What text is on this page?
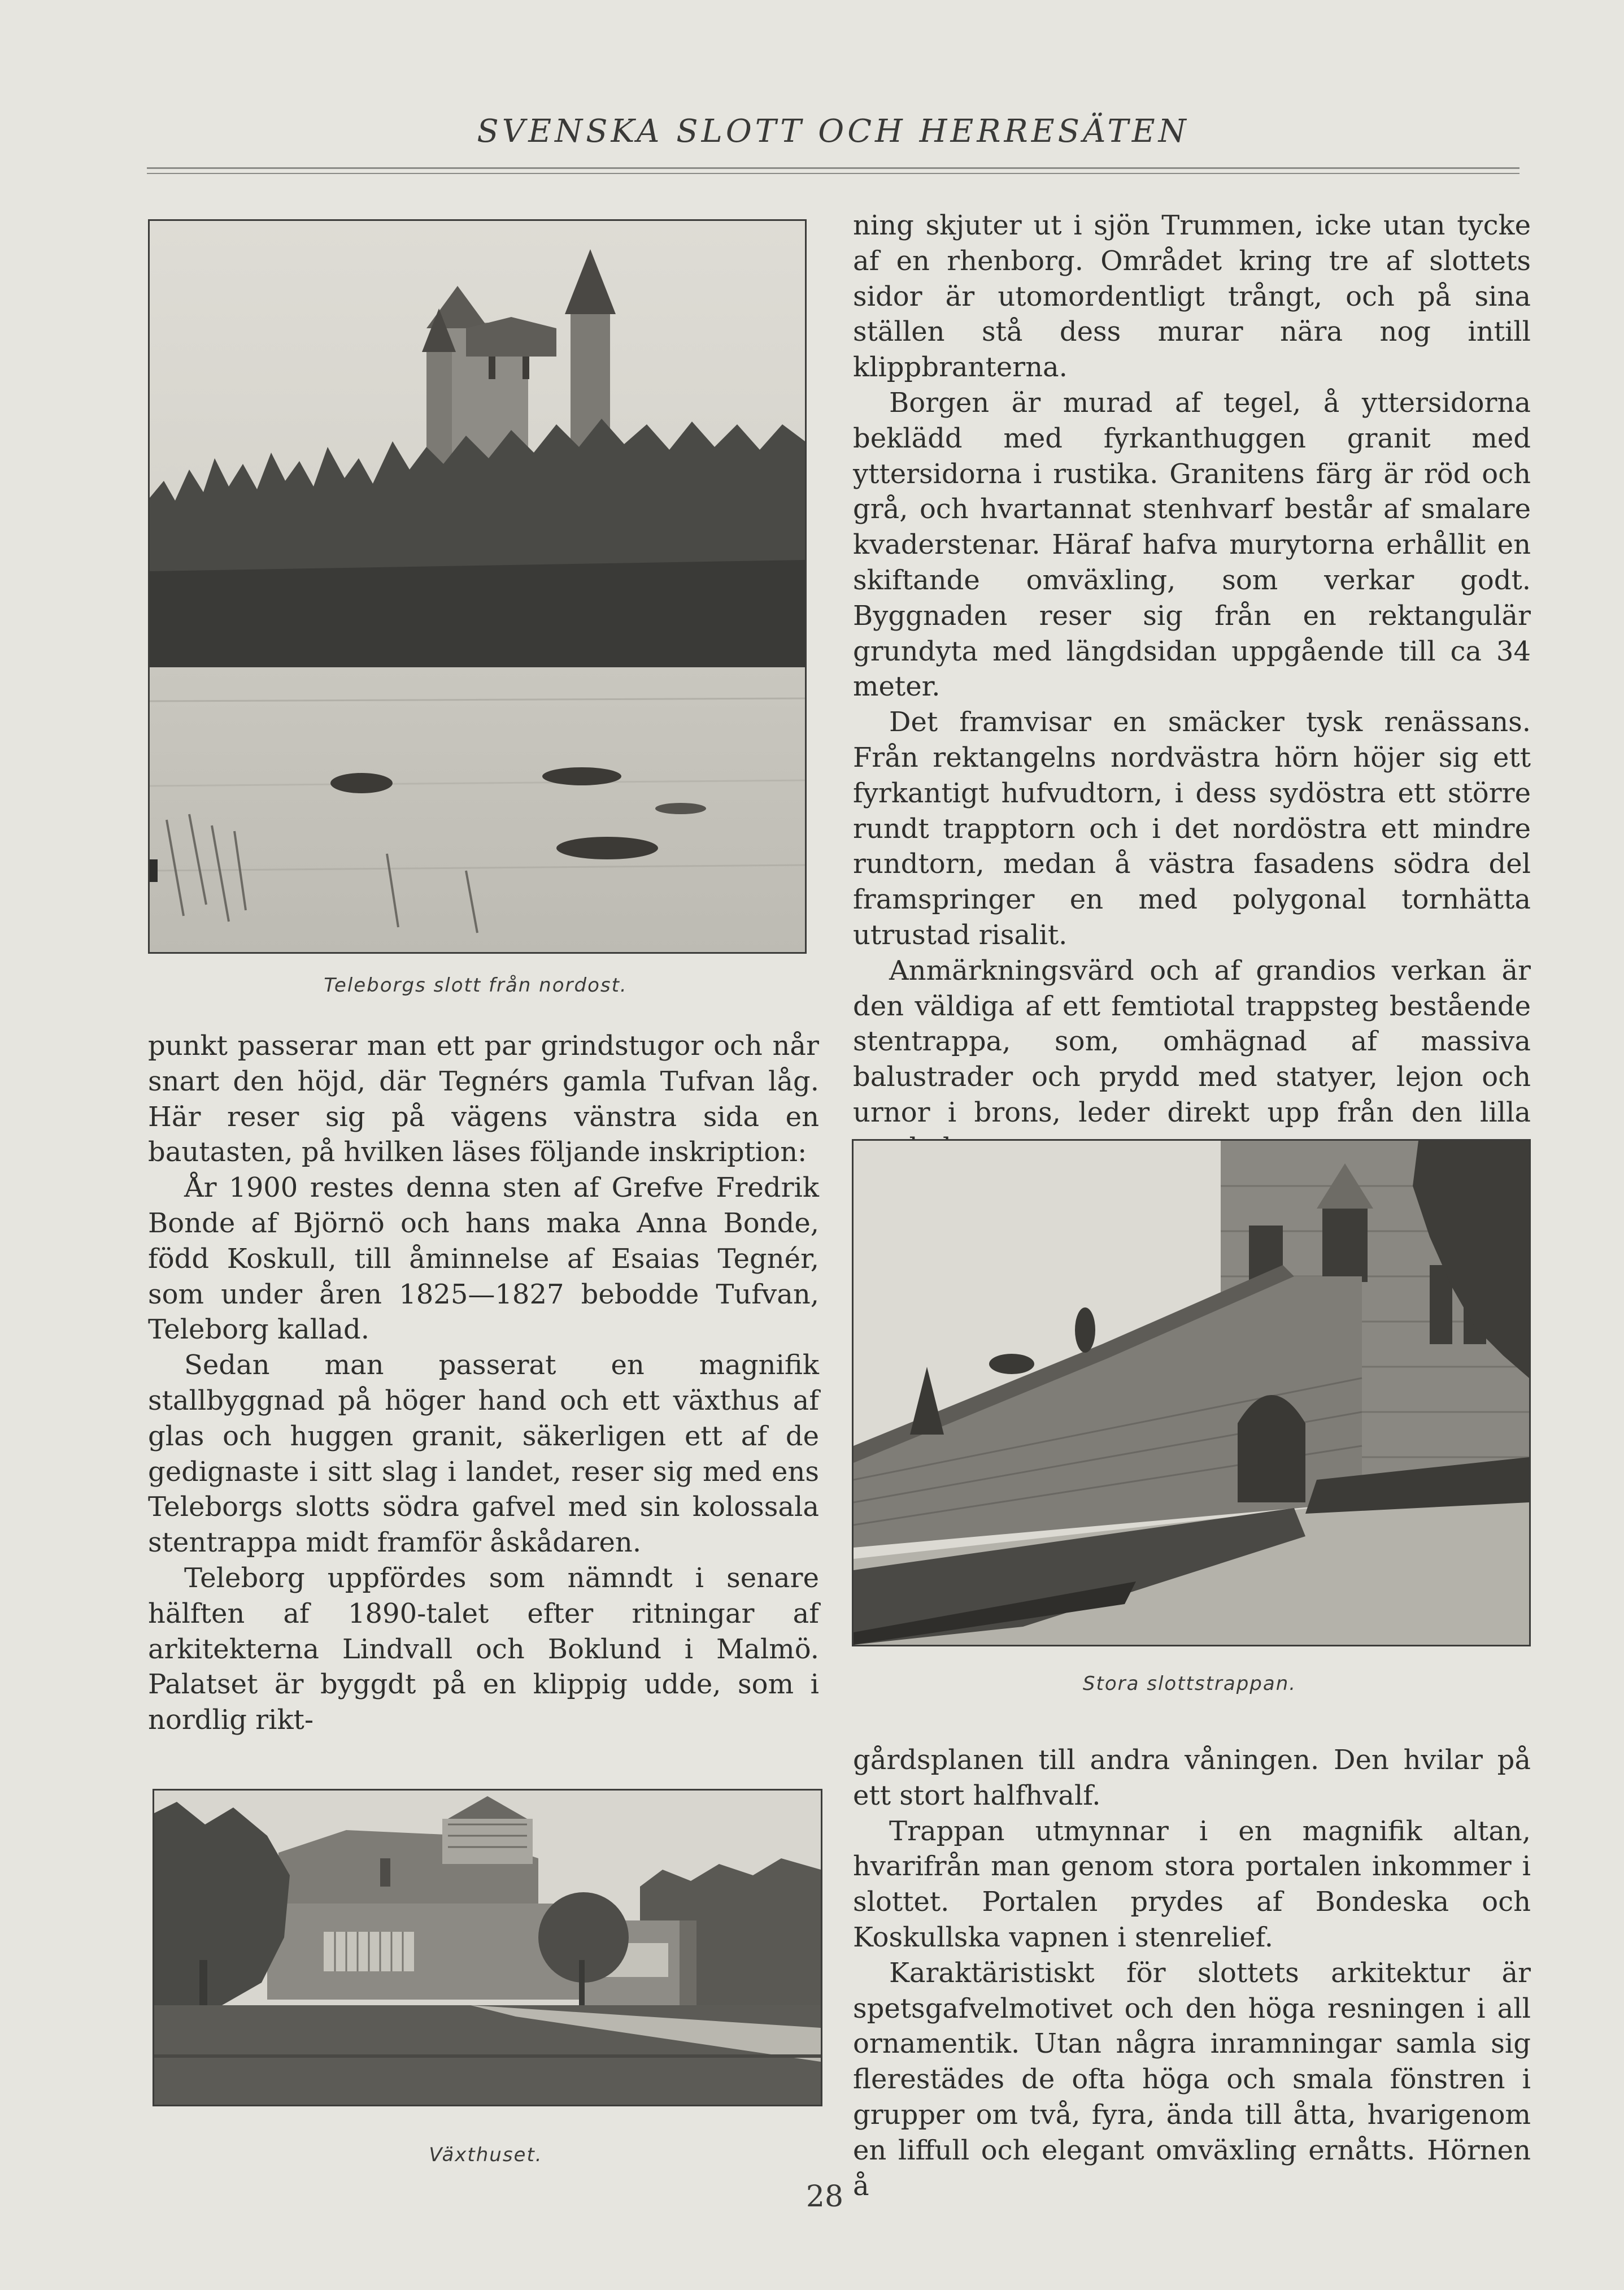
SVENSKA SLOTT OCH HERRESÄTEN
Teleborgs slott från nordost.

punkt passerar man ett par grindstugor och når snart den höjd, där Tegnérs gamla Tufvan låg. Här reser sig på vägens vänstra sida en bautasten, på hvilken läses följande inskription:

År 1900 restes denna sten af Grefve Fredrik Bonde af Björnö och hans maka Anna Bonde, född Koskull, till åminnelse af Esaias Tegnér, som under åren 1825—1827 bebodde Tufvan, Teleborg kallad.

Sedan man passerat en magnifik stallbyggnad på höger hand och ett växthus af glas och huggen granit, säkerligen ett af de gedignaste i sitt slag i landet, reser sig med ens Teleborgs slotts södra gafvel med sin kolossala stentrappa midt framför åskådaren.

Teleborg uppfördes som nämndt i senare hälften af 1890-talet efter ritningar af arkitekterna Lindvall och Boklund i Malmö. Palatset är byggdt på en klippig udde, som i nordlig rikt-

Växthuset.

ning skjuter ut i sjön Trummen, icke utan tycke af en rhenborg. Området kring tre af slottets sidor är utomordentligt trångt, och på sina ställen stå dess murar nära nog intill klippbranterna.

Borgen är murad af tegel, å yttersidorna beklädd med fyrkanthuggen granit med yttersidorna i rustika. Granitens färg är röd och grå, och hvartannat stenhvarf består af smalare kvaderstenar. Häraf hafva murytorna erhållit en skiftande omväxling, som verkar godt. Byggnaden reser sig från en rektangulär grundyta med längdsidan uppgående till ca 34 meter.

Det framvisar en smäcker tysk renässans. Från rektangelns nordvästra hörn höjer sig ett fyrkantigt hufvudtorn, i dess sydöstra ett större rundt trapptorn och i det nordöstra ett mindre rundtorn, medan å västra fasadens södra del framspringer en med polygonal tornhätta utrustad risalit.

Anmärkningsvärd och af grandios verkan är den väldiga af ett femtiotal trappsteg bestående stentrappa, som, omhägnad af massiva balustrader och prydd med statyer, lejon och urnor i brons, leder direkt upp från den lilla

Stora slottstrappan.

gårdsplanen till andra våningen. Den hvilar på ett stort halfhvalf.

Trappan utmynnar i en magnifik altan, hvarifrån man genom stora portalen inkommer i slottet. Portalen prydes af Bondeska och Koskullska vapnen i stenrelief.

Karaktäristiskt för slottets arkitektur är spetsgafvelmotivet och den höga resningen i all ornamentik. Utan några inramningar samla sig flerestädes de ofta höga och smala fönstren i grupper om två, fyra, ända till åtta, hvarigenom en liffull och elegant omväxling ernåtts. Hörnen å

28
